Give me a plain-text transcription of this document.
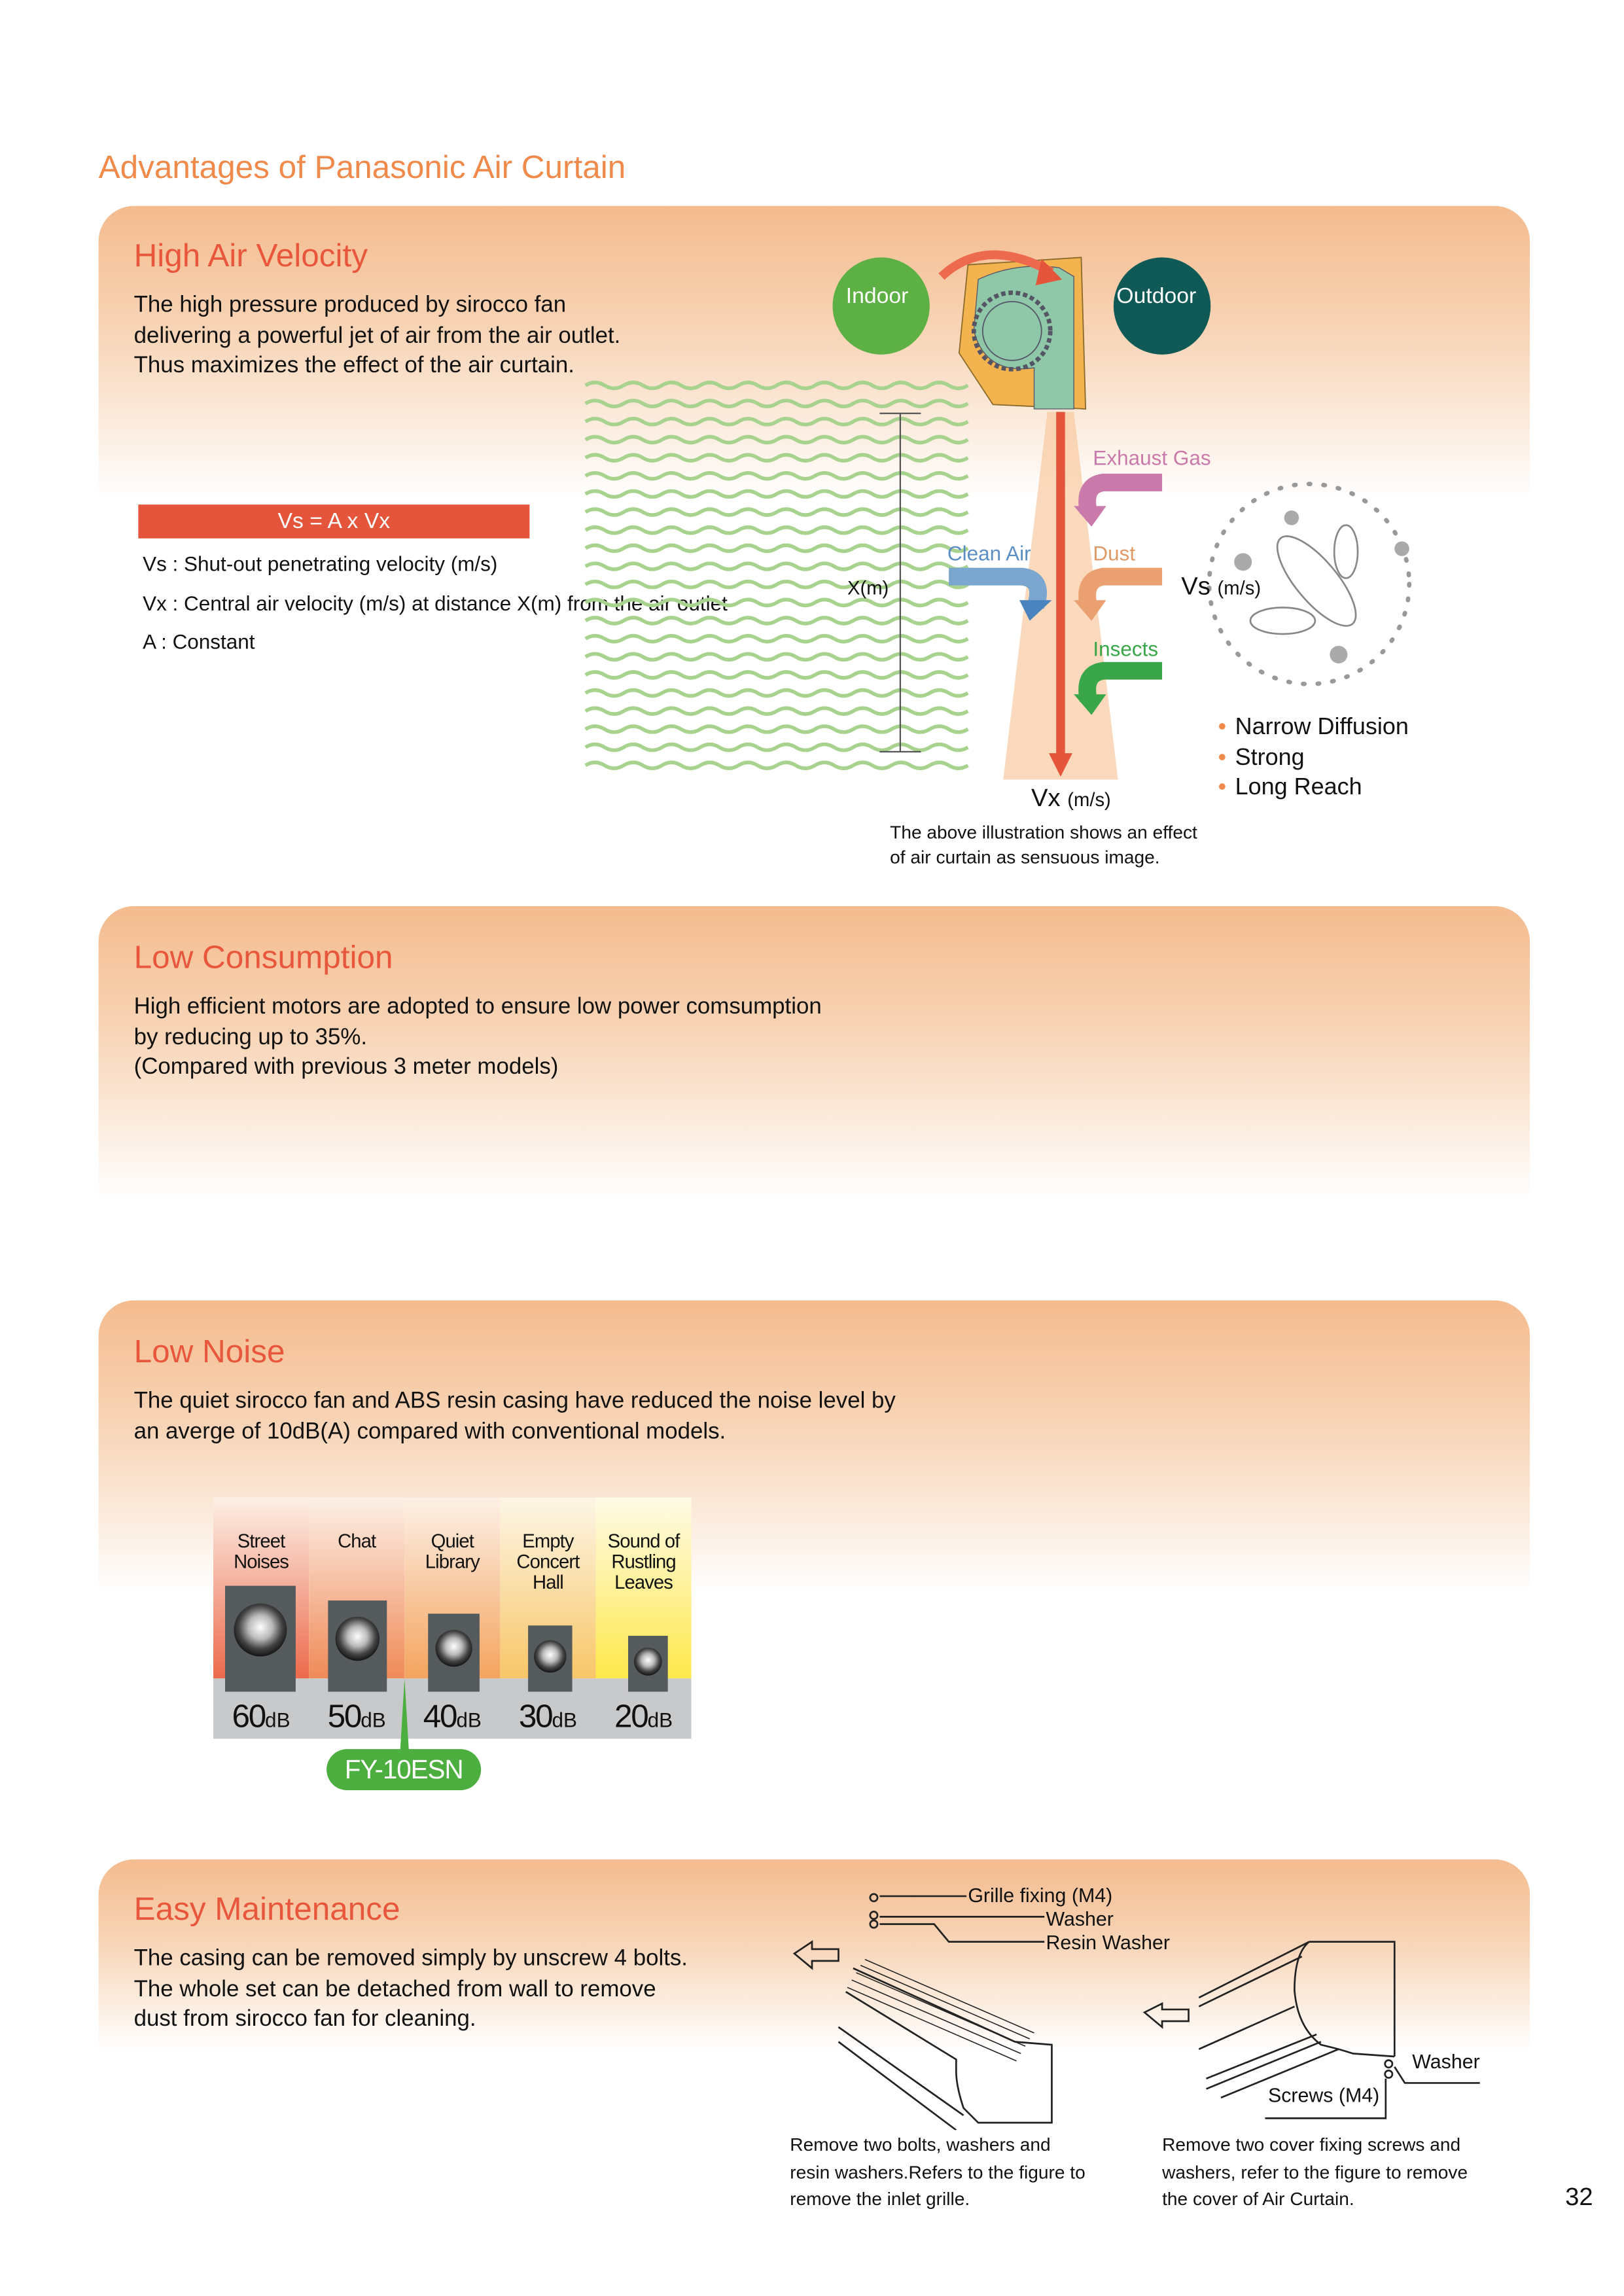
Advantages of Panasonic Air Curtain
High Air Velocity
The high pressure produced by sirocco fan
delivering a powerful jet of air from the air outlet.
Thus maximizes the effect of the air curtain.
Vs = A x Vx
Vs : Shut-out penetrating velocity (m/s)
Vx : Central air velocity (m/s) at distance X(m) from the air outlet
A : Constant
Indoor	Outdoor
X(m)
Exhaust Gas
Clean Air	Dust
Insects
Vs (m/s)
Vx (m/s)
• Narrow Diffusion
• Strong
• Long Reach
The above illustration shows an effect
of air curtain as sensuous image.
Low Consumption
High efficient motors are adopted to ensure low power comsumption
by reducing up to 35%.
(Compared with previous 3 meter models)
Low Noise
The quiet sirocco fan and ABS resin casing have reduced the noise level by
an averge of 10dB(A) compared with conventional models.
Street Noises
Chat	Quiet Library
Empty Concert Hall
Sound of Rustling Leaves
60dB	50dB	40dB	30dB	20dB
FY-10ESN
Easy Maintenance
The casing can be removed simply by unscrew 4 bolts.
The whole set can be detached from wall to remove
dust from sirocco fan for cleaning.
Grille fixing (M4)
Washer
Resin Washer
Washer
Screws (M4)
Remove two bolts, washers and
resin washers.Refers to the figure to
remove the inlet grille.
Remove two cover fixing screws and
washers, refer to the figure to remove
the cover of Air Curtain.	32
